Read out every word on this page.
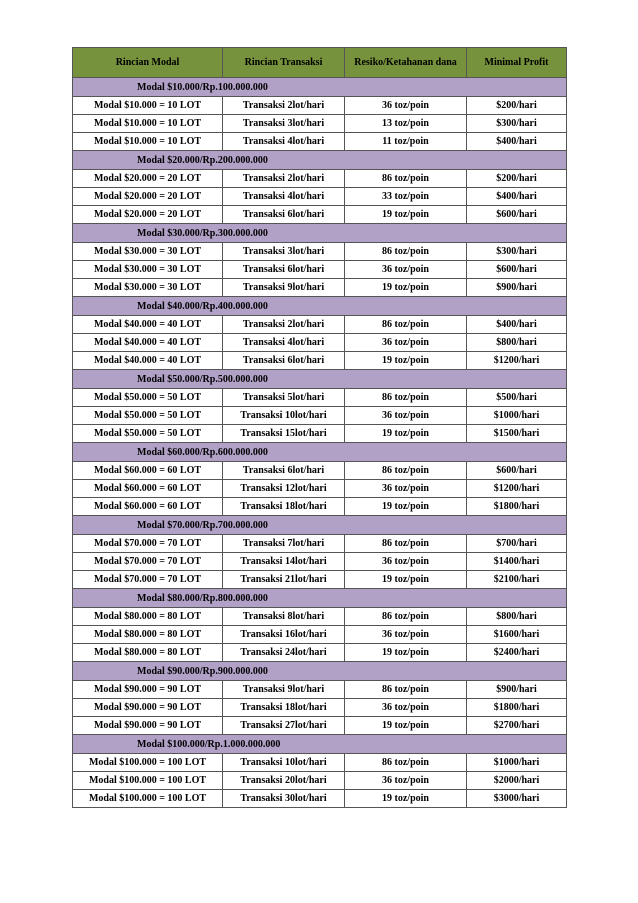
Rincian Modal	Rincian Transaksi	Resiko/Ketahanan dana	Minimal Profit
Modal $10.000/Rp.100.000.000			
Modal $10.000 = 10 LOT	Transaksi 2lot/hari	36 toz/poin	$200/hari
Modal $10.000 = 10 LOT	Transaksi 3lot/hari	13 toz/poin	$300/hari
Modal $10.000 = 10 LOT	Transaksi 4lot/hari	11 toz/poin	$400/hari
Modal $20.000/Rp.200.000.000			
Modal $20.000 = 20 LOT	Transaksi 2lot/hari	86 toz/poin	$200/hari
Modal $20.000 = 20 LOT	Transaksi 4lot/hari	33 toz/poin	$400/hari
Modal $20.000 = 20 LOT	Transaksi 6lot/hari	19 toz/poin	$600/hari
Modal $30.000/Rp.300.000.000			
Modal $30.000 = 30 LOT	Transaksi 3lot/hari	86 toz/poin	$300/hari
Modal $30.000 = 30 LOT	Transaksi 6lot/hari	36 toz/poin	$600/hari
Modal $30.000 = 30 LOT	Transaksi 9lot/hari	19 toz/poin	$900/hari
Modal $40.000/Rp.400.000.000			
Modal $40.000 = 40 LOT	Transaksi 2lot/hari	86 toz/poin	$400/hari
Modal $40.000 = 40 LOT	Transaksi 4lot/hari	36 toz/poin	$800/hari
Modal $40.000 = 40 LOT	Transaksi 6lot/hari	19 toz/poin	$1200/hari
Modal $50.000/Rp.500.000.000			
Modal $50.000 = 50 LOT	Transaksi 5lot/hari	86 toz/poin	$500/hari
Modal $50.000 = 50 LOT	Transaksi 10lot/hari	36 toz/poin	$1000/hari
Modal $50.000 = 50 LOT	Transaksi 15lot/hari	19 toz/poin	$1500/hari
Modal $60.000/Rp.600.000.000			
Modal $60.000 = 60 LOT	Transaksi 6lot/hari	86 toz/poin	$600/hari
Modal $60.000 = 60 LOT	Transaksi 12lot/hari	36 toz/poin	$1200/hari
Modal $60.000 = 60 LOT	Transaksi 18lot/hari	19 toz/poin	$1800/hari
Modal $70.000/Rp.700.000.000			
Modal $70.000 = 70 LOT	Transaksi 7lot/hari	86 toz/poin	$700/hari
Modal $70.000 = 70 LOT	Transaksi 14lot/hari	36 toz/poin	$1400/hari
Modal $70.000 = 70 LOT	Transaksi 21lot/hari	19 toz/poin	$2100/hari
Modal $80.000/Rp.800.000.000			
Modal $80.000 = 80 LOT	Transaksi 8lot/hari	86 toz/poin	$800/hari
Modal $80.000 = 80 LOT	Transaksi 16lot/hari	36 toz/poin	$1600/hari
Modal $80.000 = 80 LOT	Transaksi 24lot/hari	19 toz/poin	$2400/hari
Modal $90.000/Rp.900.000.000			
Modal $90.000 = 90 LOT	Transaksi 9lot/hari	86 toz/poin	$900/hari
Modal $90.000 = 90 LOT	Transaksi 18lot/hari	36 toz/poin	$1800/hari
Modal $90.000 = 90 LOT	Transaksi 27lot/hari	19 toz/poin	$2700/hari
Modal $100.000/Rp.1.000.000.000			
Modal $100.000 = 100 LOT	Transaksi 10lot/hari	86 toz/poin	$1000/hari
Modal $100.000 = 100 LOT	Transaksi 20lot/hari	36 toz/poin	$2000/hari
Modal $100.000 = 100 LOT	Transaksi 30lot/hari	19 toz/poin	$3000/hari
